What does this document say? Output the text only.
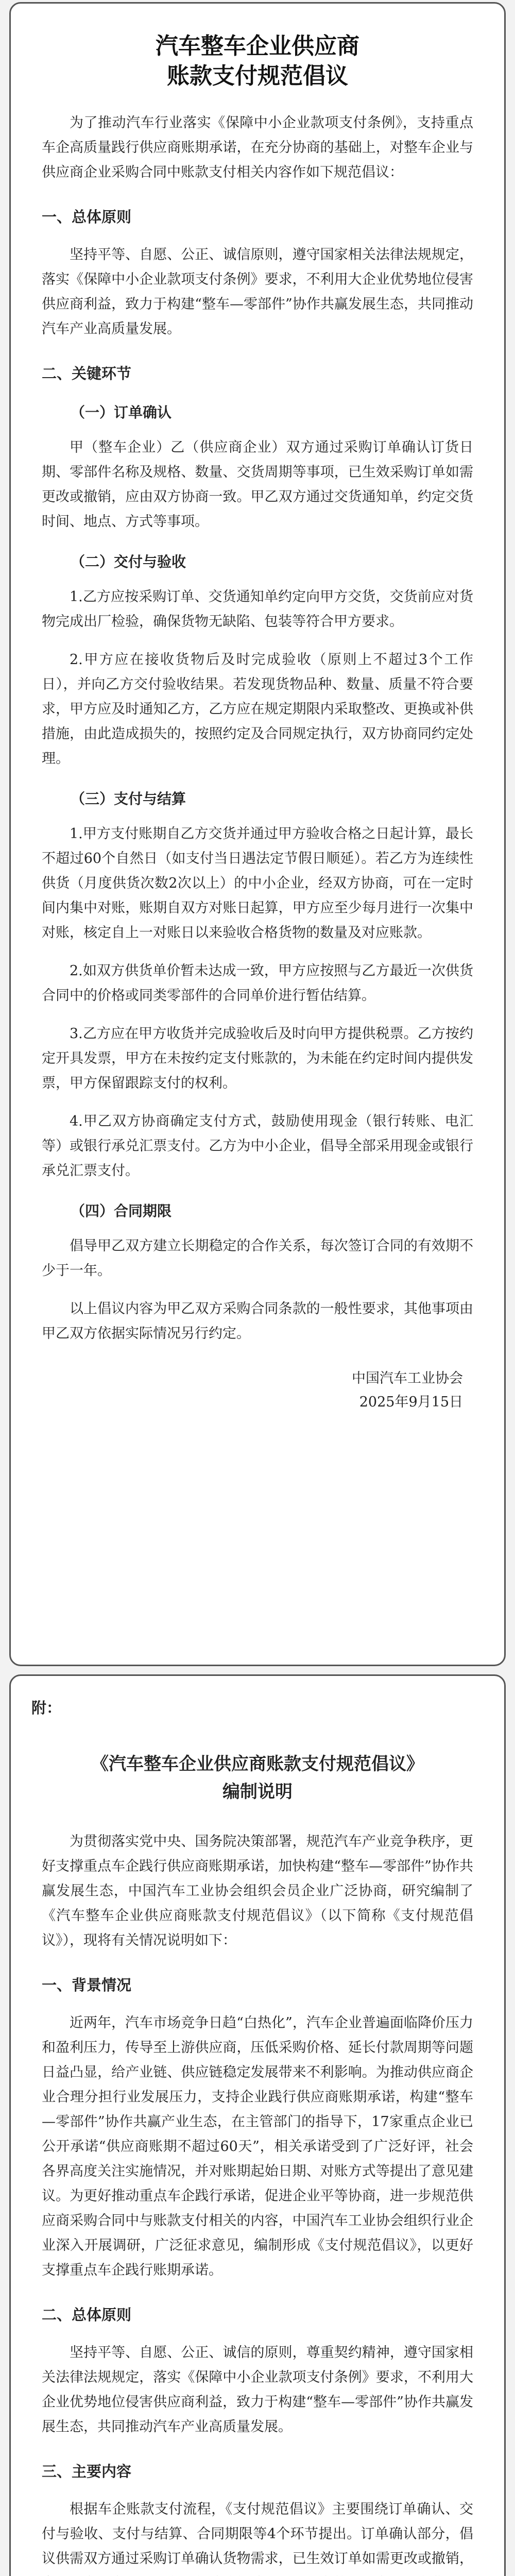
汽车整车企业供应商
账款支付规范倡议

为了推动汽车行业落实《保障中小企业款项支付条例》，支持重点车企高质量践行供应商账期承诺，在充分协商的基础上，对整车企业与供应商企业采购合同中账款支付相关内容作如下规范倡议：

一、总体原则

坚持平等、自愿、公正、诚信原则，遵守国家相关法律法规规定，落实《保障中小企业款项支付条例》要求，不利用大企业优势地位侵害供应商利益，致力于构建“整车—零部件”协作共赢发展生态，共同推动汽车产业高质量发展。

二、关键环节
（一）订单确认

甲（整车企业）乙（供应商企业）双方通过采购订单确认订货日期、零部件名称及规格、数量、交货周期等事项，已生效采购订单如需更改或撤销，应由双方协商一致。甲乙双方通过交货通知单，约定交货时间、地点、方式等事项。

（二）交付与验收

1.乙方应按采购订单、交货通知单约定向甲方交货，交货前应对货物完成出厂检验，确保货物无缺陷、包装等符合甲方要求。

2.甲方应在接收货物后及时完成验收（原则上不超过3个工作日），并向乙方交付验收结果。若发现货物品种、数量、质量不符合要求，甲方应及时通知乙方，乙方应在规定期限内采取整改、更换或补供措施，由此造成损失的，按照约定及合同规定执行，双方协商同约定处理。

（三）支付与结算

1.甲方支付账期自乙方交货并通过甲方验收合格之日起计算，最长不超过60个自然日（如支付当日遇法定节假日顺延）。若乙方为连续性供货（月度供货次数2次以上）的中小企业，经双方协商，可在一定时间内集中对账，账期自双方对账日起算，甲方应至少每月进行一次集中对账，核定自上一对账日以来验收合格货物的数量及对应账款。

2.如双方供货单价暂未达成一致，甲方应按照与乙方最近一次供货合同中的价格或同类零部件的合同单价进行暂估结算。

3.乙方应在甲方收货并完成验收后及时向甲方提供税票。乙方按约定开具发票，甲方在未按约定支付账款的，为未能在约定时间内提供发票，甲方保留跟踪支付的权利。

4.甲乙双方协商确定支付方式，鼓励使用现金（银行转账、电汇等）或银行承兑汇票支付。乙方为中小企业，倡导全部采用现金或银行承兑汇票支付。

（四）合同期限

倡导甲乙双方建立长期稳定的合作关系，每次签订合同的有效期不少于一年。

以上倡议内容为甲乙双方采购合同条款的一般性要求，其他事项由甲乙双方依据实际情况另行约定。

中国汽车工业协会
2025年9月15日
附：
《汽车整车企业供应商账款支付规范倡议》
编制说明

为贯彻落实党中央、国务院决策部署，规范汽车产业竞争秩序，更好支撑重点车企践行供应商账期承诺，加快构建“整车—零部件”协作共赢发展生态，中国汽车工业协会组织会员企业广泛协商，研究编制了《汽车整车企业供应商账款支付规范倡议》（以下简称《支付规范倡议》），现将有关情况说明如下：

一、背景情况

近两年，汽车市场竞争日趋“白热化”，汽车企业普遍面临降价压力和盈利压力，传导至上游供应商，压低采购价格、延长付款周期等问题日益凸显，给产业链、供应链稳定发展带来不利影响。为推动供应商企业合理分担行业发展压力，支持企业践行供应商账期承诺，构建“整车—零部件”协作共赢产业生态，在主管部门的指导下，17家重点企业已公开承诺“供应商账期不超过60天”，相关承诺受到了广泛好评，社会各界高度关注实施情况，并对账期起始日期、对账方式等提出了意见建议。为更好推动重点车企践行承诺，促进企业平等协商，进一步规范供应商采购合同中与账款支付相关的内容，中国汽车工业协会组织行业企业深入开展调研，广泛征求意见，编制形成《支付规范倡议》，以更好支撑重点车企践行账期承诺。

二、总体原则

坚持平等、自愿、公正、诚信的原则，尊重契约精神，遵守国家相关法律法规规定，落实《保障中小企业款项支付条例》要求，不利用大企业优势地位侵害供应商利益，致力于构建“整车—零部件”协作共赢发展生态，共同推动汽车产业高质量发展。

三、主要内容

根据车企账款支付流程，《支付规范倡议》主要围绕订单确认、交付与验收、支付与结算、合同期限等4个环节提出。订单确认部分，倡议供需双方通过采购订单确认货物需求，已生效订单如需更改或撤销，
